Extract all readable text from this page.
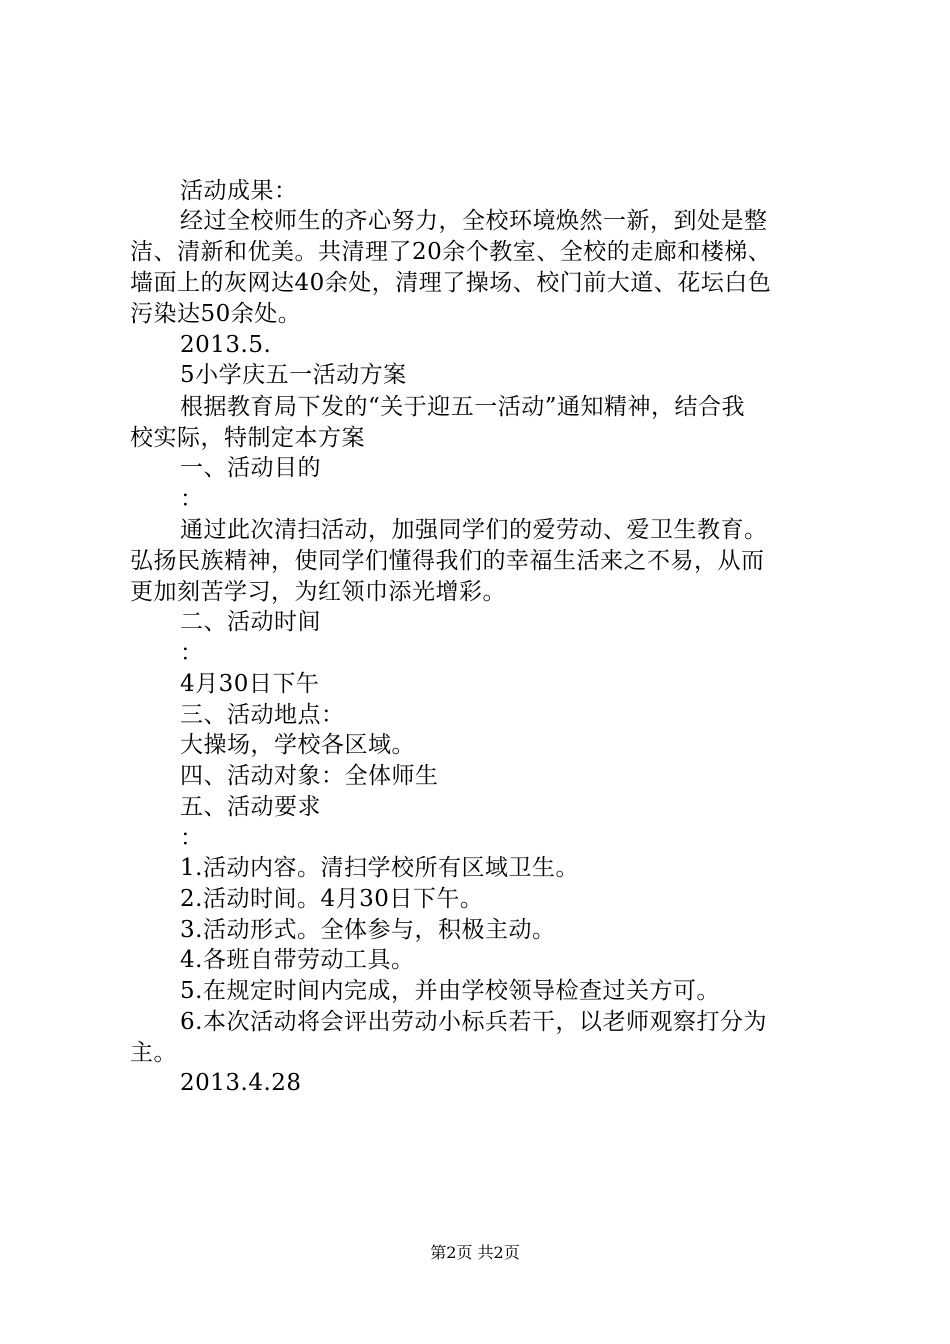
活动成果：
经过全校师生的齐心努力，全校环境焕然一新，到处是整
洁、清新和优美。共清理了20余个教室、全校的走廊和楼梯、
墙面上的灰网达40余处，清理了操场、校门前大道、花坛白色
污染达50余处。
2013.5.
5小学庆五一活动方案
根据教育局下发的“关于迎五一活动”通知精神，结合我
校实际，特制定本方案
一、活动目的
：
通过此次清扫活动，加强同学们的爱劳动、爱卫生教育。
弘扬民族精神，使同学们懂得我们的幸福生活来之不易，从而
更加刻苦学习，为红领巾添光增彩。
二、活动时间
：
4月30日下午
三、活动地点：
大操场，学校各区域。
四、活动对象：全体师生
五、活动要求
：
1.活动内容。清扫学校所有区域卫生。
2.活动时间。4月30日下午。
3.活动形式。全体参与，积极主动。
4.各班自带劳动工具。
5.在规定时间内完成，并由学校领导检查过关方可。
6.本次活动将会评出劳动小标兵若干，以老师观察打分为
主。
2013.4.28
第2页 共2页
